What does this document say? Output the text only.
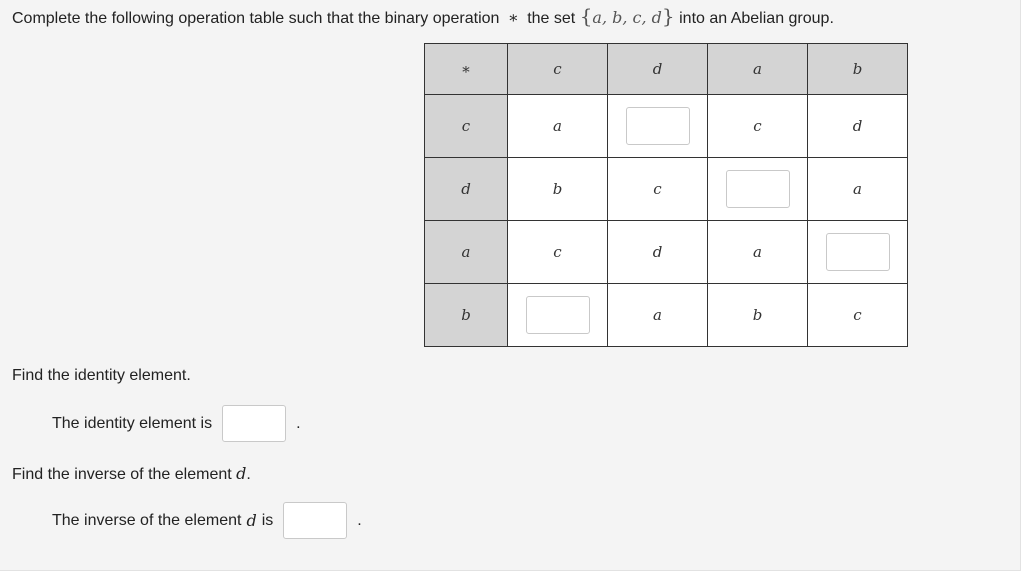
Complete the following operation table such that the binary operation ∗ the set {a, b, c, d} into an Abelian group.
∗	c	d	a	b
c	a		c	d
d	b	c		a
a	c	d	a	
b		a	b	c
Find the identity element.
The identity element is	.
Find the inverse of the element d.
The inverse of the element d is	.
